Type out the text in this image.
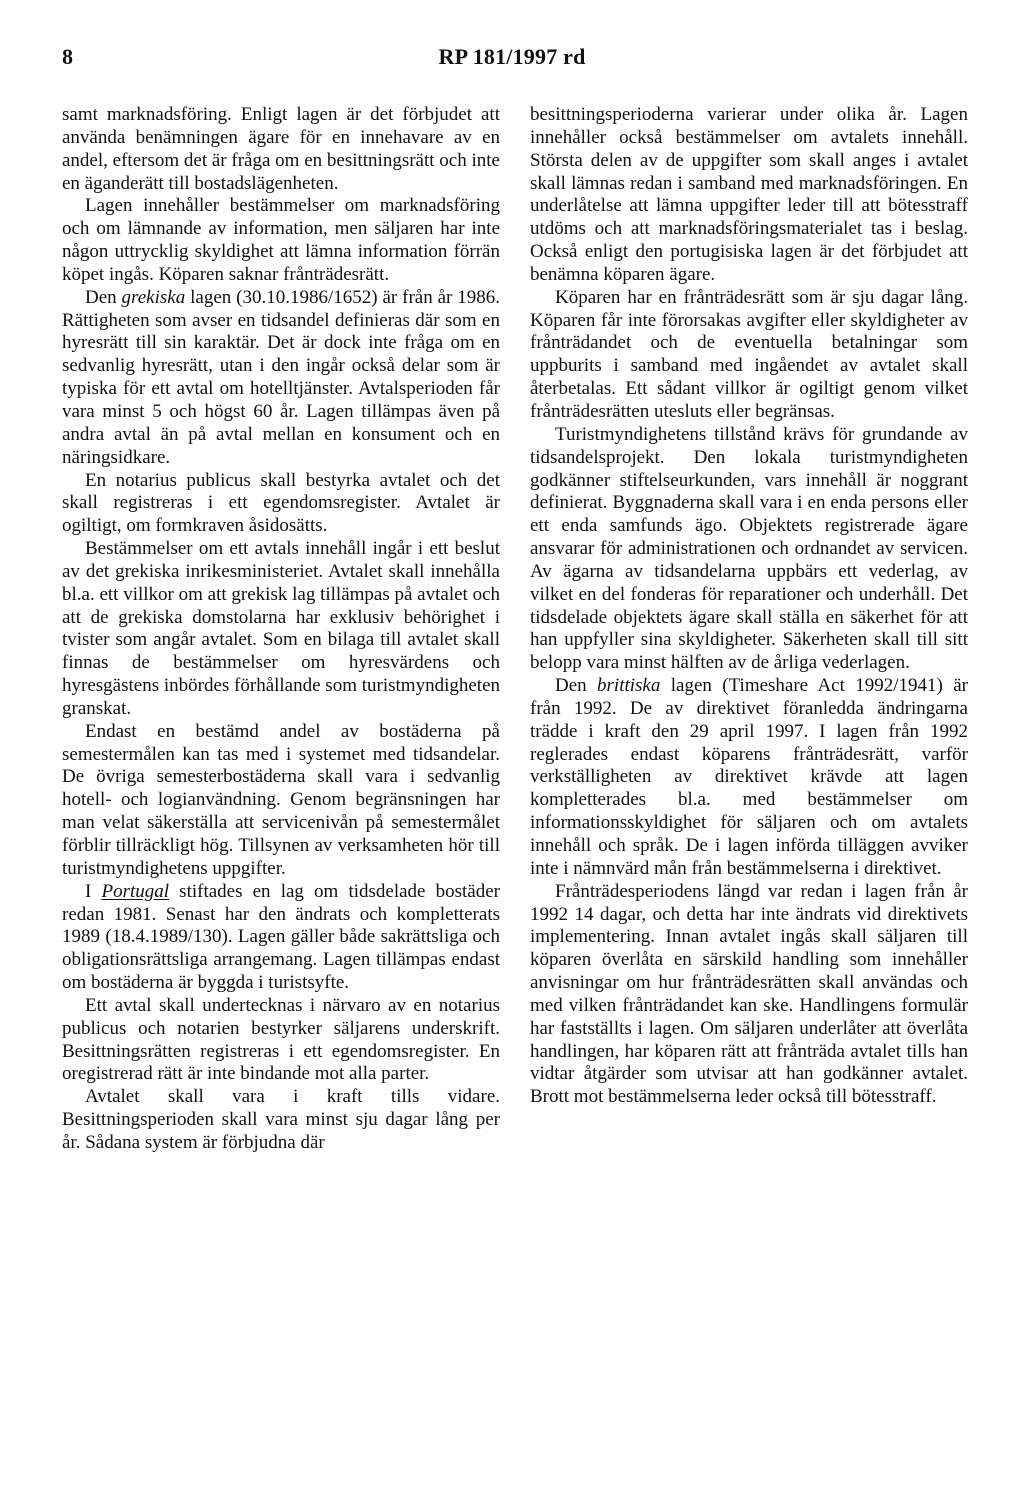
8	RP 181/1997 rd

samt marknadsföring. Enligt lagen är det förbjudet att använda benämningen ägare för en innehavare av en andel, eftersom det är fråga om en besittningsrätt och inte en äganderätt till bostadslägenheten.

Lagen innehåller bestämmelser om marknadsföring och om lämnande av information, men säljaren har inte någon uttrycklig skyldighet att lämna information förrän köpet ingås. Köparen saknar frånträdesrätt.

Den grekiska lagen (30.10.1986/1652) är från år 1986. Rättigheten som avser en tidsandel definieras där som en hyresrätt till sin karaktär. Det är dock inte fråga om en sedvanlig hyresrätt, utan i den ingår också delar som är typiska för ett avtal om hotelltjänster. Avtalsperioden får vara minst 5 och högst 60 år. Lagen tillämpas även på andra avtal än på avtal mellan en konsument och en näringsidkare.

En notarius publicus skall bestyrka avtalet och det skall registreras i ett egendomsregister. Avtalet är ogiltigt, om formkraven åsidosätts.

Bestämmelser om ett avtals innehåll ingår i ett beslut av det grekiska inrikesministeriet. Avtalet skall innehålla bl.a. ett villkor om att grekisk lag tillämpas på avtalet och att de grekiska domstolarna har exklusiv behörighet i tvister som angår avtalet. Som en bilaga till avtalet skall finnas de bestämmelser om hyresvärdens och hyresgästens inbördes förhållande som turistmyndigheten granskat.

Endast en bestämd andel av bostäderna på semestermålen kan tas med i systemet med tidsandelar. De övriga semesterbostäderna skall vara i sedvanlig hotell- och logianvändning. Genom begränsningen har man velat säkerställa att servicenivån på semestermålet förblir tillräckligt hög. Tillsynen av verksamheten hör till turistmyndighetens uppgifter.

I Portugal stiftades en lag om tidsdelade bostäder redan 1981. Senast har den ändrats och kompletterats 1989 (18.4.1989/130). Lagen gäller både sakrättsliga och obligationsrättsliga arrangemang. Lagen tillämpas endast om bostäderna är byggda i turistsyfte.

Ett avtal skall undertecknas i närvaro av en notarius publicus och notarien bestyrker säljarens underskrift. Besittningsrätten registreras i ett egendomsregister. En oregistrerad rätt är inte bindande mot alla parter.

Avtalet skall vara i kraft tills vidare. Besittningsperioden skall vara minst sju dagar lång per år. Sådana system är förbjudna där

besittningsperioderna varierar under olika år. Lagen innehåller också bestämmelser om avtalets innehåll. Största delen av de uppgifter som skall anges i avtalet skall lämnas redan i samband med marknadsföringen. En underlåtelse att lämna uppgifter leder till att bötesstraff utdöms och att marknadsföringsmaterialet tas i beslag. Också enligt den portugisiska lagen är det förbjudet att benämna köparen ägare.

Köparen har en frånträdesrätt som är sju dagar lång. Köparen får inte förorsakas avgifter eller skyldigheter av frånträdandet och de eventuella betalningar som uppburits i samband med ingåendet av avtalet skall återbetalas. Ett sådant villkor är ogiltigt genom vilket frånträdesrätten utesluts eller begränsas.

Turistmyndighetens tillstånd krävs för grundande av tidsandelsprojekt. Den lokala turistmyndigheten godkänner stiftelseurkunden, vars innehåll är noggrant definierat. Byggnaderna skall vara i en enda persons eller ett enda samfunds ägo. Objektets registrerade ägare ansvarar för administrationen och ordnandet av servicen. Av ägarna av tidsandelarna uppbärs ett vederlag, av vilket en del fonderas för reparationer och underhåll. Det tidsdelade objektets ägare skall ställa en säkerhet för att han uppfyller sina skyldigheter. Säkerheten skall till sitt belopp vara minst hälften av de årliga vederlagen.

Den brittiska lagen (Timeshare Act 1992/1941) är från 1992. De av direktivet föranledda ändringarna trädde i kraft den 29 april 1997. I lagen från 1992 reglerades endast köparens frånträdesrätt, varför verkställigheten av direktivet krävde att lagen kompletterades bl.a. med bestämmelser om informationsskyldighet för säljaren och om avtalets innehåll och språk. De i lagen införda tilläggen avviker inte i nämnvärd mån från bestämmelserna i direktivet.

Frånträdesperiodens längd var redan i lagen från år 1992 14 dagar, och detta har inte ändrats vid direktivets implementering. Innan avtalet ingås skall säljaren till köparen överlåta en särskild handling som innehåller anvisningar om hur frånträdesrätten skall användas och med vilken frånträdandet kan ske. Handlingens formulär har fastställts i lagen. Om säljaren underlåter att överlåta handlingen, har köparen rätt att frånträda avtalet tills han vidtar åtgärder som utvisar att han godkänner avtalet. Brott mot bestämmelserna leder också till bötesstraff.
